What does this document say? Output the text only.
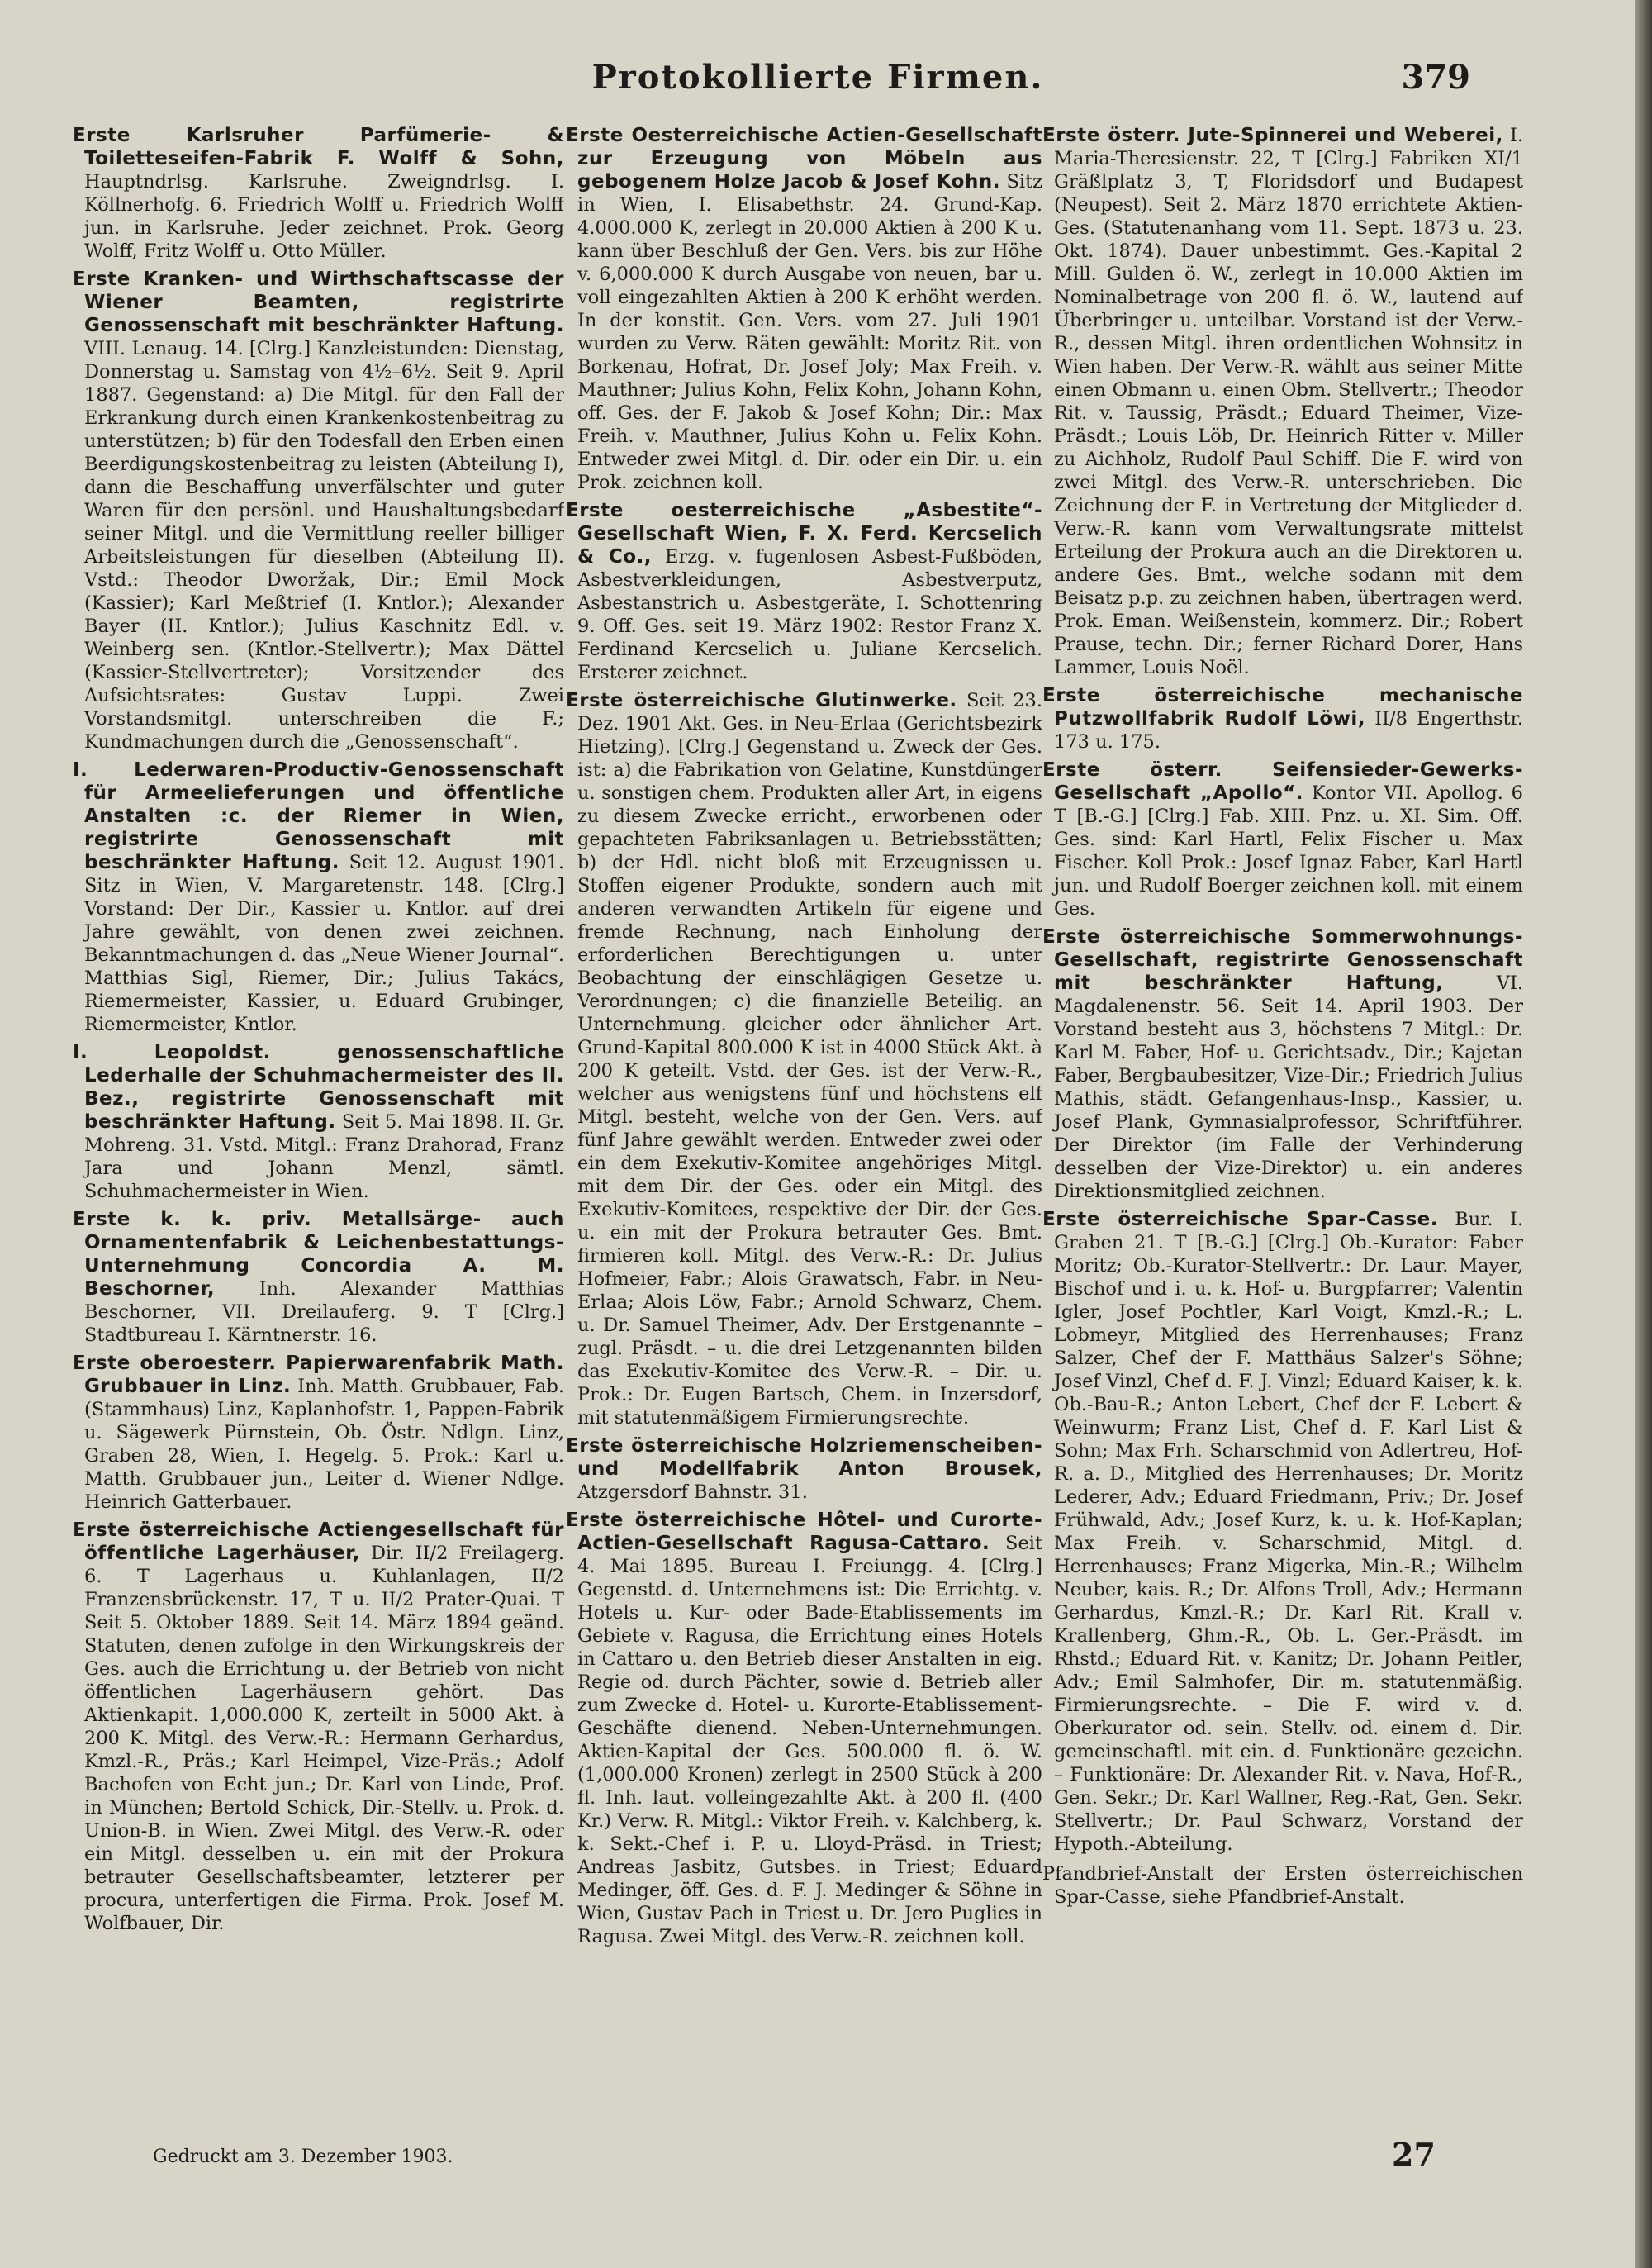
Protokollierte Firmen.	379

Erste Karlsruher Parfümerie- & Toiletteseifen-Fabrik F. Wolff & Sohn, Hauptndrlsg. Karlsruhe. Zweigndrlsg. I. Köllnerhofg. 6. Friedrich Wolff u. Friedrich Wolff jun. in Karlsruhe. Jeder zeichnet. Prok. Georg Wolff, Fritz Wolff u. Otto Müller.

Erste Kranken- und Wirthschaftscasse der Wiener Beamten, registrirte Genossenschaft mit beschränkter Haftung. VIII. Lenaug. 14. [Clrg.] Kanzleistunden: Dienstag, Donnerstag u. Samstag von 4½–6½. Seit 9. April 1887. Gegenstand: a) Die Mitgl. für den Fall der Erkrankung durch einen Krankenkostenbeitrag zu unterstützen; b) für den Todesfall den Erben einen Beerdigungskostenbeitrag zu leisten (Abteilung I), dann die Beschaffung unverfälschter und guter Waren für den persönl. und Haushaltungsbedarf seiner Mitgl. und die Vermittlung reeller billiger Arbeitsleistungen für dieselben (Abteilung II). Vstd.: Theodor Dworžak, Dir.; Emil Mock (Kassier); Karl Meßtrief (I. Kntlor.); Alexander Bayer (II. Kntlor.); Julius Kaschnitz Edl. v. Weinberg sen. (Kntlor.-Stellvertr.); Max Dättel (Kassier-Stellvertreter); Vorsitzender des Aufsichtsrates: Gustav Luppi. Zwei Vorstandsmitgl. unterschreiben die F.; Kundmachungen durch die „Genossenschaft“.

I. Lederwaren-Productiv-Genossenschaft für Armeelieferungen und öffentliche Anstalten :c. der Riemer in Wien, registrirte Genossenschaft mit beschränkter Haftung. Seit 12. August 1901. Sitz in Wien, V. Margaretenstr. 148. [Clrg.] Vorstand: Der Dir., Kassier u. Kntlor. auf drei Jahre gewählt, von denen zwei zeichnen. Bekanntmachungen d. das „Neue Wiener Journal“. Matthias Sigl, Riemer, Dir.; Julius Takács, Riemermeister, Kassier, u. Eduard Grubinger, Riemermeister, Kntlor.

I. Leopoldst. genossenschaftliche Lederhalle der Schuhmachermeister des II. Bez., registrirte Genossenschaft mit beschränkter Haftung. Seit 5. Mai 1898. II. Gr. Mohreng. 31. Vstd. Mitgl.: Franz Drahorad, Franz Jara und Johann Menzl, sämtl. Schuhmachermeister in Wien.

Erste k. k. priv. Metallsärge- auch Ornamentenfabrik & Leichenbestattungs-Unternehmung Concordia A. M. Beschorner, Inh. Alexander Matthias Beschorner, VII. Dreilauferg. 9. T [Clrg.] Stadtbureau I. Kärntnerstr. 16.

Erste oberoesterr. Papierwarenfabrik Math. Grubbauer in Linz. Inh. Matth. Grubbauer, Fab. (Stammhaus) Linz, Kaplanhofstr. 1, Pappen-Fabrik u. Sägewerk Pürnstein, Ob. Östr. Ndlgn. Linz, Graben 28, Wien, I. Hegelg. 5. Prok.: Karl u. Matth. Grubbauer jun., Leiter d. Wiener Ndlge. Heinrich Gatterbauer.

Erste österreichische Actiengesellschaft für öffentliche Lagerhäuser, Dir. II/2 Freilagerg. 6. T Lagerhaus u. Kuhlanlagen, II/2 Franzensbrückenstr. 17, T u. II/2 Prater-Quai. T Seit 5. Oktober 1889. Seit 14. März 1894 geänd. Statuten, denen zufolge in den Wirkungskreis der Ges. auch die Errichtung u. der Betrieb von nicht öffentlichen Lagerhäusern gehört. Das Aktienkapit. 1,000.000 K, zerteilt in 5000 Akt. à 200 K. Mitgl. des Verw.-R.: Hermann Gerhardus, Kmzl.-R., Präs.; Karl Heimpel, Vize-Präs.; Adolf Bachofen von Echt jun.; Dr. Karl von Linde, Prof. in München; Bertold Schick, Dir.-Stellv. u. Prok. d. Union-B. in Wien. Zwei Mitgl. des Verw.-R. oder ein Mitgl. desselben u. ein mit der Prokura betrauter Gesellschaftsbeamter, letzterer per procura, unterfertigen die Firma. Prok. Josef M. Wolfbauer, Dir.

Erste Oesterreichische Actien-Gesellschaft zur Erzeugung von Möbeln aus gebogenem Holze Jacob & Josef Kohn. Sitz in Wien, I. Elisabethstr. 24. Grund-Kap. 4.000.000 K, zerlegt in 20.000 Aktien à 200 K u. kann über Beschluß der Gen. Vers. bis zur Höhe v. 6,000.000 K durch Ausgabe von neuen, bar u. voll eingezahlten Aktien à 200 K erhöht werden. In der konstit. Gen. Vers. vom 27. Juli 1901 wurden zu Verw. Räten gewählt: Moritz Rit. von Borkenau, Hofrat, Dr. Josef Joly; Max Freih. v. Mauthner; Julius Kohn, Felix Kohn, Johann Kohn, off. Ges. der F. Jakob & Josef Kohn; Dir.: Max Freih. v. Mauthner, Julius Kohn u. Felix Kohn. Entweder zwei Mitgl. d. Dir. oder ein Dir. u. ein Prok. zeichnen koll.

Erste oesterreichische „Asbestite“-Gesellschaft Wien, F. X. Ferd. Kercselich & Co., Erzg. v. fugenlosen Asbest-Fußböden, Asbestverkleidungen, Asbestverputz, Asbestanstrich u. Asbestgeräte, I. Schottenring 9. Off. Ges. seit 19. März 1902: Restor Franz X. Ferdinand Kercselich u. Juliane Kercselich. Ersterer zeichnet.

Erste österreichische Glutinwerke. Seit 23. Dez. 1901 Akt. Ges. in Neu-Erlaa (Gerichtsbezirk Hietzing). [Clrg.] Gegenstand u. Zweck der Ges. ist: a) die Fabrikation von Gelatine, Kunstdünger u. sonstigen chem. Produkten aller Art, in eigens zu diesem Zwecke erricht., erworbenen oder gepachteten Fabriksanlagen u. Betriebsstätten; b) der Hdl. nicht bloß mit Erzeugnissen u. Stoffen eigener Produkte, sondern auch mit anderen verwandten Artikeln für eigene und fremde Rechnung, nach Einholung der erforderlichen Berechtigungen u. unter Beobachtung der einschlägigen Gesetze u. Verordnungen; c) die finanzielle Beteilig. an Unternehmung. gleicher oder ähnlicher Art. Grund-Kapital 800.000 K ist in 4000 Stück Akt. à 200 K geteilt. Vstd. der Ges. ist der Verw.-R., welcher aus wenigstens fünf und höchstens elf Mitgl. besteht, welche von der Gen. Vers. auf fünf Jahre gewählt werden. Entweder zwei oder ein dem Exekutiv-Komitee angehöriges Mitgl. mit dem Dir. der Ges. oder ein Mitgl. des Exekutiv-Komitees, respektive der Dir. der Ges. u. ein mit der Prokura betrauter Ges. Bmt. firmieren koll. Mitgl. des Verw.-R.: Dr. Julius Hofmeier, Fabr.; Alois Grawatsch, Fabr. in Neu-Erlaa; Alois Löw, Fabr.; Arnold Schwarz, Chem. u. Dr. Samuel Theimer, Adv. Der Erstgenannte – zugl. Präsdt. – u. die drei Letzgenannten bilden das Exekutiv-Komitee des Verw.-R. – Dir. u. Prok.: Dr. Eugen Bartsch, Chem. in Inzersdorf, mit statutenmäßigem Firmierungsrechte.

Erste österreichische Holzriemenscheiben- und Modellfabrik Anton Brousek, Atzgersdorf Bahnstr. 31.

Erste österreichische Hôtel- und Curorte-Actien-Gesellschaft Ragusa-Cattaro. Seit 4. Mai 1895. Bureau I. Freiungg. 4. [Clrg.] Gegenstd. d. Unternehmens ist: Die Errichtg. v. Hotels u. Kur- oder Bade-Etablissements im Gebiete v. Ragusa, die Errichtung eines Hotels in Cattaro u. den Betrieb dieser Anstalten in eig. Regie od. durch Pächter, sowie d. Betrieb aller zum Zwecke d. Hotel- u. Kurorte-Etablissement-Geschäfte dienend. Neben-Unternehmungen. Aktien-Kapital der Ges. 500.000 fl. ö. W. (1,000.000 Kronen) zerlegt in 2500 Stück à 200 fl. Inh. laut. volleingezahlte Akt. à 200 fl. (400 Kr.) Verw. R. Mitgl.: Viktor Freih. v. Kalchberg, k. k. Sekt.-Chef i. P. u. Lloyd-Präsd. in Triest; Andreas Jasbitz, Gutsbes. in Triest; Eduard Medinger, öff. Ges. d. F. J. Medinger & Söhne in Wien, Gustav Pach in Triest u. Dr. Jero Puglies in Ragusa. Zwei Mitgl. des Verw.-R. zeichnen koll.

Erste österr. Jute-Spinnerei und Weberei, I. Maria-Theresienstr. 22, T [Clrg.] Fabriken XI/1 Gräßlplatz 3, T, Floridsdorf und Budapest (Neupest). Seit 2. März 1870 errichtete Aktien-Ges. (Statutenanhang vom 11. Sept. 1873 u. 23. Okt. 1874). Dauer unbestimmt. Ges.-Kapital 2 Mill. Gulden ö. W., zerlegt in 10.000 Aktien im Nominalbetrage von 200 fl. ö. W., lautend auf Überbringer u. unteilbar. Vorstand ist der Verw.-R., dessen Mitgl. ihren ordentlichen Wohnsitz in Wien haben. Der Verw.-R. wählt aus seiner Mitte einen Obmann u. einen Obm. Stellvertr.; Theodor Rit. v. Taussig, Präsdt.; Eduard Theimer, Vize-Präsdt.; Louis Löb, Dr. Heinrich Ritter v. Miller zu Aichholz, Rudolf Paul Schiff. Die F. wird von zwei Mitgl. des Verw.-R. unterschrieben. Die Zeichnung der F. in Vertretung der Mitglieder d. Verw.-R. kann vom Verwaltungsrate mittelst Erteilung der Prokura auch an die Direktoren u. andere Ges. Bmt., welche sodann mit dem Beisatz p.p. zu zeichnen haben, übertragen werd. Prok. Eman. Weißenstein, kommerz. Dir.; Robert Prause, techn. Dir.; ferner Richard Dorer, Hans Lammer, Louis Noël.

Erste österreichische mechanische Putzwollfabrik Rudolf Löwi, II/8 Engerthstr. 173 u. 175.

Erste österr. Seifensieder-Gewerks-Gesellschaft „Apollo“. Kontor VII. Apollog. 6 T [B.-G.] [Clrg.] Fab. XIII. Pnz. u. XI. Sim. Off. Ges. sind: Karl Hartl, Felix Fischer u. Max Fischer. Koll Prok.: Josef Ignaz Faber, Karl Hartl jun. und Rudolf Boerger zeichnen koll. mit einem Ges.

Erste österreichische Sommerwohnungs-Gesellschaft, registrirte Genossenschaft mit beschränkter Haftung,	VI. Magdalenenstr. 56. Seit 14. April 1903. Der Vorstand besteht aus 3, höchstens 7 Mitgl.: Dr. Karl M. Faber, Hof- u. Gerichtsadv., Dir.; Kajetan Faber, Bergbaubesitzer, Vize-Dir.; Friedrich Julius Mathis, städt. Gefangenhaus-Insp., Kassier, u. Josef Plank, Gymnasialprofessor, Schriftführer. Der Direktor (im Falle der Verhinderung desselben der Vize-Direktor) u. ein anderes Direktionsmitglied zeichnen.

Erste österreichische Spar-Casse. Bur. I. Graben 21. T [B.-G.] [Clrg.] Ob.-Kurator: Faber Moritz; Ob.-Kurator-Stellvertr.: Dr. Laur. Mayer, Bischof und i. u. k. Hof- u. Burgpfarrer; Valentin Igler, Josef Pochtler, Karl Voigt, Kmzl.-R.; L. Lobmeyr, Mitglied des Herrenhauses; Franz Salzer, Chef der F. Matthäus Salzer's Söhne; Josef Vinzl, Chef d. F. J. Vinzl; Eduard Kaiser, k. k. Ob.-Bau-R.; Anton Lebert, Chef der F. Lebert & Weinwurm; Franz List, Chef d. F. Karl List & Sohn; Max Frh. Scharschmid von Adlertreu, Hof-R. a. D., Mitglied des Herrenhauses; Dr. Moritz Lederer, Adv.; Eduard Friedmann, Priv.; Dr. Josef Frühwald, Adv.; Josef Kurz, k. u. k. Hof-Kaplan; Max Freih. v. Scharschmid, Mitgl. d. Herrenhauses; Franz Migerka, Min.-R.; Wilhelm Neuber, kais. R.; Dr. Alfons Troll, Adv.; Hermann Gerhardus, Kmzl.-R.; Dr. Karl Rit. Krall v. Krallenberg, Ghm.-R., Ob. L. Ger.-Präsdt. im Rhstd.; Eduard Rit. v. Kanitz; Dr. Johann Peitler, Adv.; Emil Salmhofer, Dir. m. statutenmäßig. Firmierungsrechte. – Die F. wird v. d. Oberkurator od. sein. Stellv. od. einem d. Dir. gemeinschaftl. mit ein. d. Funktionäre gezeichn. – Funktionäre: Dr. Alexander Rit. v. Nava, Hof-R., Gen. Sekr.; Dr. Karl Wallner, Reg.-Rat, Gen. Sekr. Stellvertr.; Dr. Paul Schwarz, Vorstand der Hypoth.-Abteilung.

Pfandbrief-Anstalt der Ersten österreichischen Spar-Casse, siehe Pfandbrief-Anstalt.

Gedruckt am 3. Dezember 1903.	27
